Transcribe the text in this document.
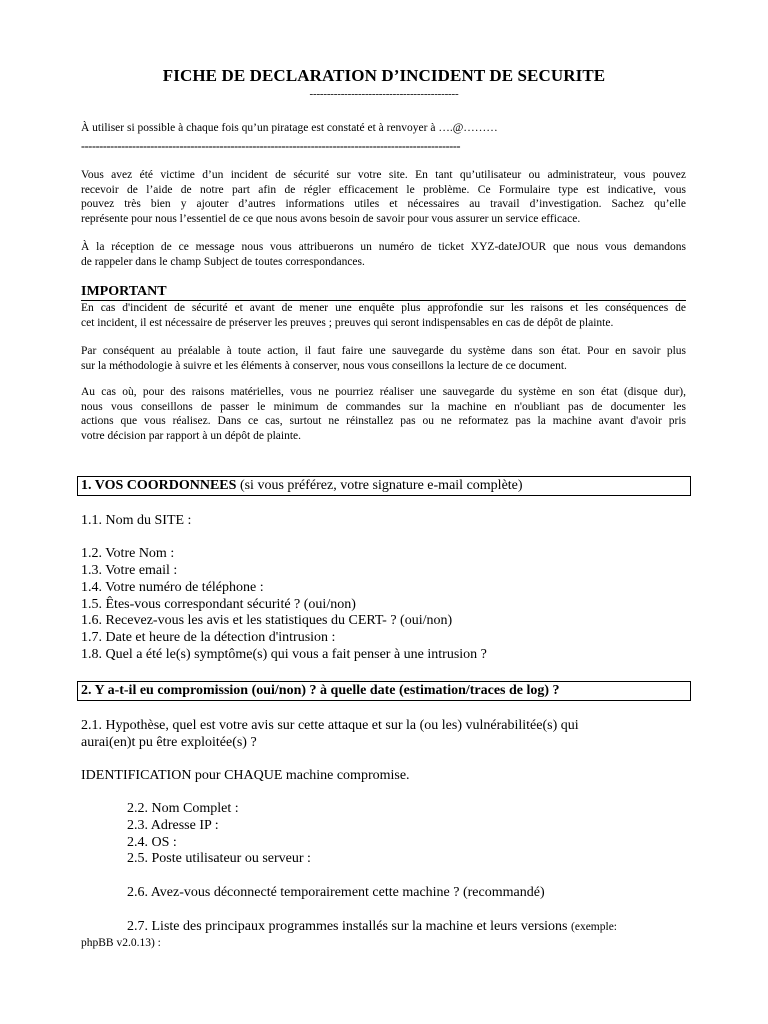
FICHE DE DECLARATION D’INCIDENT DE SECURITE
-------------------------------------------
À utiliser si possible à chaque fois qu’un piratage est constaté et à renvoyer à ….@………
--------------------------------------------------------------------------------------------------------
Vous avez été victime d’un incident de sécurité sur votre site. En tant qu’utilisateur ou administrateur, vous pouvez
recevoir de l’aide de notre part afin de régler efficacement le problème. Ce Formulaire type est indicative, vous
pouvez très bien y ajouter d’autres informations utiles et nécessaires au travail d’investigation. Sachez qu’elle
représente pour nous l’essentiel de ce que nous avons besoin de savoir pour vous assurer un service efficace.
À la réception de ce message nous vous attribuerons un numéro de ticket XYZ-dateJOUR que nous vous demandons
de rappeler dans le champ Subject de toutes correspondances.
IMPORTANT
En cas d'incident de sécurité et avant de mener une enquête plus approfondie sur les raisons et les conséquences de
cet incident, il est nécessaire de préserver les preuves ; preuves qui seront indispensables en cas de dépôt de plainte.
Par conséquent au préalable à toute action, il faut faire une sauvegarde du système dans son état. Pour en savoir plus
sur la méthodologie à suivre et les éléments à conserver, nous vous conseillons la lecture de ce document.
Au cas où, pour des raisons matérielles, vous ne pourriez réaliser une sauvegarde du système en son état (disque dur),
nous vous conseillons de passer le minimum de commandes sur la machine en n'oubliant pas de documenter les
actions que vous réalisez. Dans ce cas, surtout ne réinstallez pas ou ne reformatez pas la machine avant d'avoir pris
votre décision par rapport à un dépôt de plainte.
1. VOS COORDONNEES (si vous préférez, votre signature e-mail complète)
1.1. Nom du SITE :
1.2. Votre Nom :
1.3. Votre email :
1.4. Votre numéro de téléphone :
1.5. Êtes-vous correspondant sécurité ? (oui/non)
1.6. Recevez-vous les avis et les statistiques du CERT- ? (oui/non)
1.7. Date et heure de la détection d'intrusion :
1.8. Quel a été le(s) symptôme(s) qui vous a fait penser à une intrusion ?
2. Y a-t-il eu compromission (oui/non) ? à quelle date (estimation/traces de log) ?
2.1. Hypothèse, quel est votre avis sur cette attaque et sur la (ou les) vulnérabilitée(s) qui
aurai(en)t pu être exploitée(s) ?
IDENTIFICATION pour CHAQUE machine compromise.
2.2. Nom Complet :
2.3. Adresse IP :
2.4. OS :
2.5. Poste utilisateur ou serveur :
2.6. Avez-vous déconnecté temporairement cette machine ? (recommandé)
2.7. Liste des principaux programmes installés sur la machine et leurs versions (exemple:
phpBB v2.0.13) :
